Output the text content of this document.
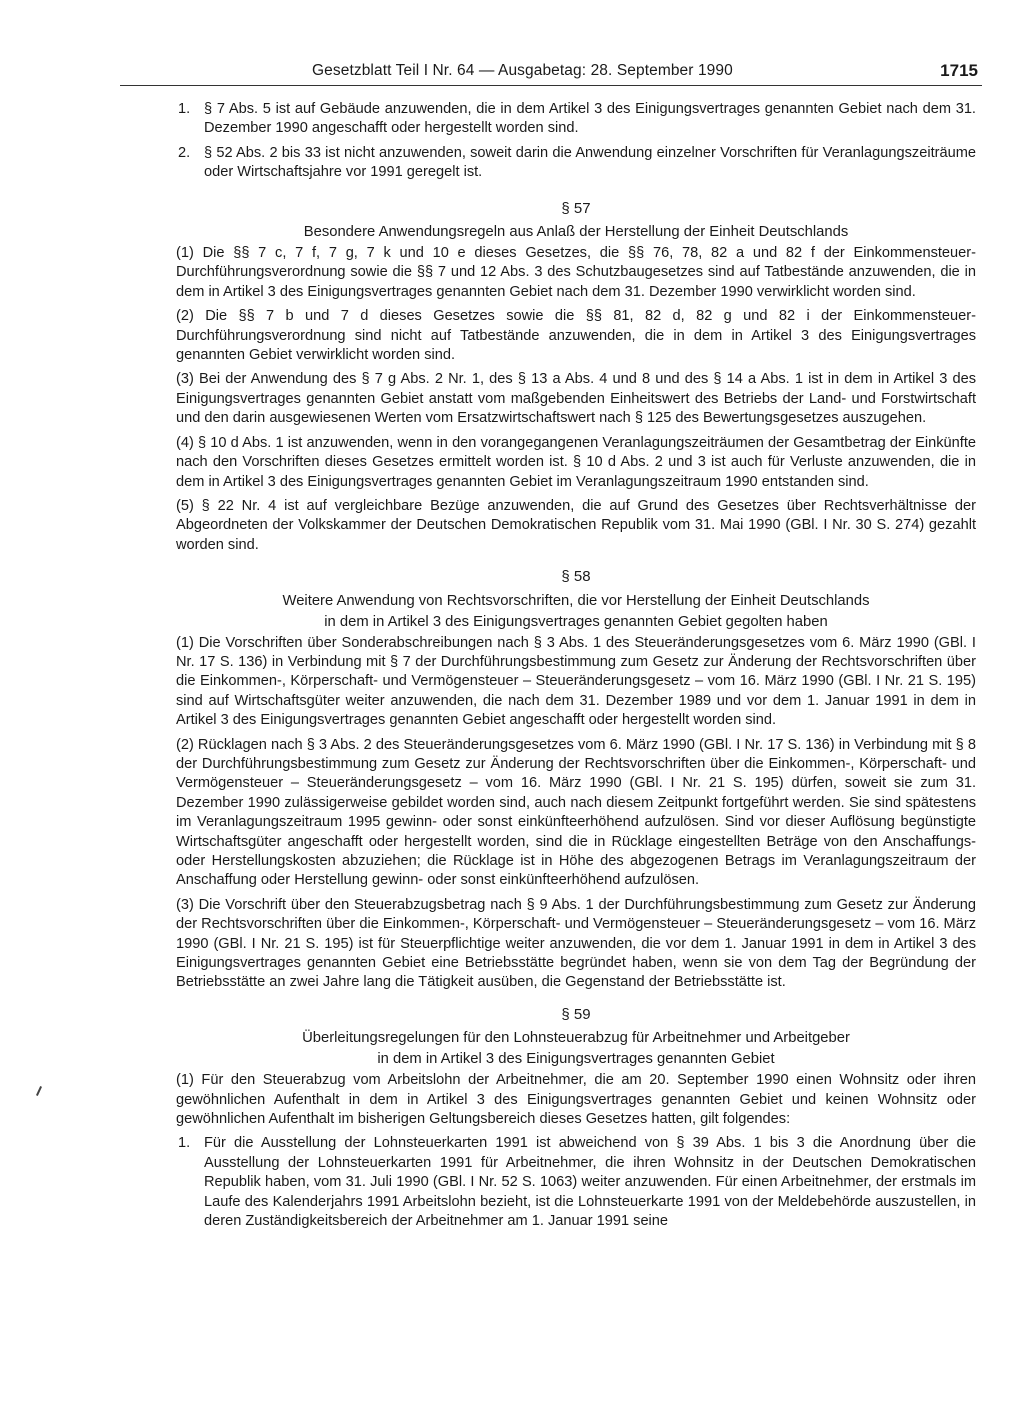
Gesetzblatt Teil I Nr. 64 — Ausgabetag: 28. September 1990	1715
1. § 7 Abs. 5 ist auf Gebäude anzuwenden, die in dem Artikel 3 des Einigungsvertrages genannten Gebiet nach dem 31. Dezember 1990 angeschafft oder hergestellt worden sind.
2. § 52 Abs. 2 bis 33 ist nicht anzuwenden, soweit darin die Anwendung einzelner Vorschriften für Veranlagungszeiträume oder Wirtschaftsjahre vor 1991 geregelt ist.
§ 57
Besondere Anwendungsregeln aus Anlaß der Herstellung der Einheit Deutschlands

(1) Die §§ 7 c, 7 f, 7 g, 7 k und 10 e dieses Gesetzes, die §§ 76, 78, 82 a und 82 f der Einkommensteuer-Durchführungsverordnung sowie die §§ 7 und 12 Abs. 3 des Schutzbaugesetzes sind auf Tatbestände anzuwenden, die in dem in Artikel 3 des Einigungsvertrages genannten Gebiet nach dem 31. Dezember 1990 verwirklicht worden sind.

(2) Die §§ 7 b und 7 d dieses Gesetzes sowie die §§ 81, 82 d, 82 g und 82 i der Einkommensteuer-Durchführungsverordnung sind nicht auf Tatbestände anzuwenden, die in dem in Artikel 3 des Einigungsvertrages genannten Gebiet verwirklicht worden sind.

(3) Bei der Anwendung des § 7 g Abs. 2 Nr. 1, des § 13 a Abs. 4 und 8 und des § 14 a Abs. 1 ist in dem in Artikel 3 des Einigungsvertrages genannten Gebiet anstatt vom maßgebenden Einheitswert des Betriebs der Land- und Forstwirtschaft und den darin ausgewiesenen Werten vom Ersatzwirtschaftswert nach § 125 des Bewertungsgesetzes auszugehen.

(4) § 10 d Abs. 1 ist anzuwenden, wenn in den vorangegangenen Veranlagungszeiträumen der Gesamtbetrag der Einkünfte nach den Vorschriften dieses Gesetzes ermittelt worden ist. § 10 d Abs. 2 und 3 ist auch für Verluste anzuwenden, die in dem in Artikel 3 des Einigungsvertrages genannten Gebiet im Veranlagungszeitraum 1990 entstanden sind.

(5) § 22 Nr. 4 ist auf vergleichbare Bezüge anzuwenden, die auf Grund des Gesetzes über Rechtsverhältnisse der Abgeordneten der Volkskammer der Deutschen Demokratischen Republik vom 31. Mai 1990 (GBl. I Nr. 30 S. 274) gezahlt worden sind.

§ 58
Weitere Anwendung von Rechtsvorschriften, die vor Herstellung der Einheit Deutschlands
in dem in Artikel 3 des Einigungsvertrages genannten Gebiet gegolten haben

(1) Die Vorschriften über Sonderabschreibungen nach § 3 Abs. 1 des Steueränderungsgesetzes vom 6. März 1990 (GBl. I Nr. 17 S. 136) in Verbindung mit § 7 der Durchführungsbestimmung zum Gesetz zur Änderung der Rechtsvorschriften über die Einkommen-, Körperschaft- und Vermögensteuer – Steueränderungsgesetz – vom 16. März 1990 (GBl. I Nr. 21 S. 195) sind auf Wirtschaftsgüter weiter anzuwenden, die nach dem 31. Dezember 1989 und vor dem 1. Januar 1991 in dem in Artikel 3 des Einigungsvertrages genannten Gebiet angeschafft oder hergestellt worden sind.

(2) Rücklagen nach § 3 Abs. 2 des Steueränderungsgesetzes vom 6. März 1990 (GBl. I Nr. 17 S. 136) in Verbindung mit § 8 der Durchführungsbestimmung zum Gesetz zur Änderung der Rechtsvorschriften über die Einkommen-, Körperschaft- und Vermögensteuer – Steueränderungsgesetz – vom 16. März 1990 (GBl. I Nr. 21 S. 195) dürfen, soweit sie zum 31. Dezember 1990 zulässigerweise gebildet worden sind, auch nach diesem Zeitpunkt fortgeführt werden. Sie sind spätestens im Veranlagungszeitraum 1995 gewinn- oder sonst einkünfteerhöhend aufzulösen. Sind vor dieser Auflösung begünstigte Wirtschaftsgüter angeschafft oder hergestellt worden, sind die in Rücklage eingestellten Beträge von den Anschaffungs- oder Herstellungskosten abzuziehen; die Rücklage ist in Höhe des abgezogenen Betrags im Veranlagungszeitraum der Anschaffung oder Herstellung gewinn- oder sonst einkünfteerhöhend aufzulösen.

(3) Die Vorschrift über den Steuerabzugsbetrag nach § 9 Abs. 1 der Durchführungsbestimmung zum Gesetz zur Änderung der Rechtsvorschriften über die Einkommen-, Körperschaft- und Vermögensteuer – Steueränderungsgesetz – vom 16. März 1990 (GBl. I Nr. 21 S. 195) ist für Steuerpflichtige weiter anzuwenden, die vor dem 1. Januar 1991 in dem in Artikel 3 des Einigungsvertrages genannten Gebiet eine Betriebsstätte begründet haben, wenn sie von dem Tag der Begründung der Betriebsstätte an zwei Jahre lang die Tätigkeit ausüben, die Gegenstand der Betriebsstätte ist.

§ 59
Überleitungsregelungen für den Lohnsteuerabzug für Arbeitnehmer und Arbeitgeber
in dem in Artikel 3 des Einigungsvertrages genannten Gebiet

(1) Für den Steuerabzug vom Arbeitslohn der Arbeitnehmer, die am 20. September 1990 einen Wohnsitz oder ihren gewöhnlichen Aufenthalt in dem in Artikel 3 des Einigungsvertrages genannten Gebiet und keinen Wohnsitz oder gewöhnlichen Aufenthalt im bisherigen Geltungsbereich dieses Gesetzes hatten, gilt folgendes:

1. Für die Ausstellung der Lohnsteuerkarten 1991 ist abweichend von § 39 Abs. 1 bis 3 die Anordnung über die Ausstellung der Lohnsteuerkarten 1991 für Arbeitnehmer, die ihren Wohnsitz in der Deutschen Demokratischen Republik haben, vom 31. Juli 1990 (GBl. I Nr. 52 S. 1063) weiter anzuwenden. Für einen Arbeitnehmer, der erstmals im Laufe des Kalenderjahrs 1991 Arbeitslohn bezieht, ist die Lohnsteuerkarte 1991 von der Meldebehörde auszustellen, in deren Zuständigkeitsbereich der Arbeitnehmer am 1. Januar 1991 seine
